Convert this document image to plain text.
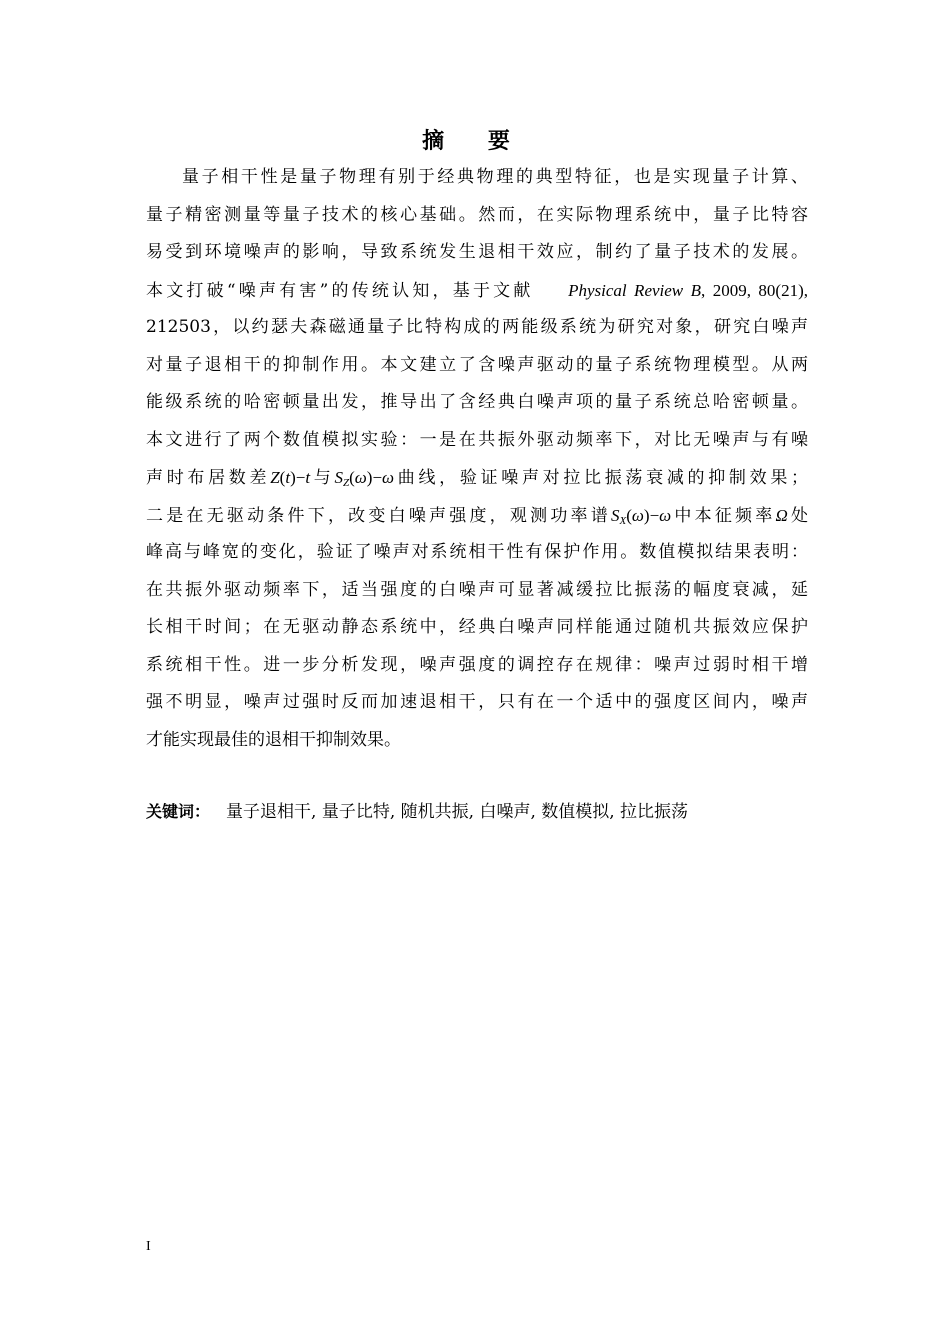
摘 要
量子相干性是量子物理有别于经典物理的典型特征，也是实现量子计算、
量子精密测量等量子技术的核心基础。然而，在实际物理系统中，量子比特容
易受到环境噪声的影响，导致系统发生退相干效应，制约了量子技术的发展。
本文打破“噪声有害”的传统认知，基于文献 Physical Review B, 2009, 80(21),
212503，以约瑟夫森磁通量子比特构成的两能级系统为研究对象，研究白噪声
对量子退相干的抑制作用。本文建立了含噪声驱动的量子系统物理模型。从两
能级系统的哈密顿量出发，推导出了含经典白噪声项的量子系统总哈密顿量。
本文进行了两个数值模拟实验：一是在共振外驱动频率下，对比无噪声与有噪
声时布居数差Z(t)−t与$S_Z(\omega)-\omega$曲线，验证噪声对拉比振荡衰减的抑制效果；
二是在无驱动条件下，改变白噪声强度，观测功率谱$S_X(\omega)-\omega$中本征频率Ω处
峰高与峰宽的变化，验证了噪声对系统相干性有保护作用。数值模拟结果表明：
在共振外驱动频率下，适当强度的白噪声可显著减缓拉比振荡的幅度衰减，延
长相干时间；在无驱动静态系统中，经典白噪声同样能通过随机共振效应保护
系统相干性。进一步分析发现，噪声强度的调控存在规律：噪声过弱时相干增
强不明显，噪声过强时反而加速退相干，只有在一个适中的强度区间内，噪声
才能实现最佳的退相干抑制效果。
关键词： 量子退相干, 量子比特, 随机共振, 白噪声, 数值模拟, 拉比振荡
I
